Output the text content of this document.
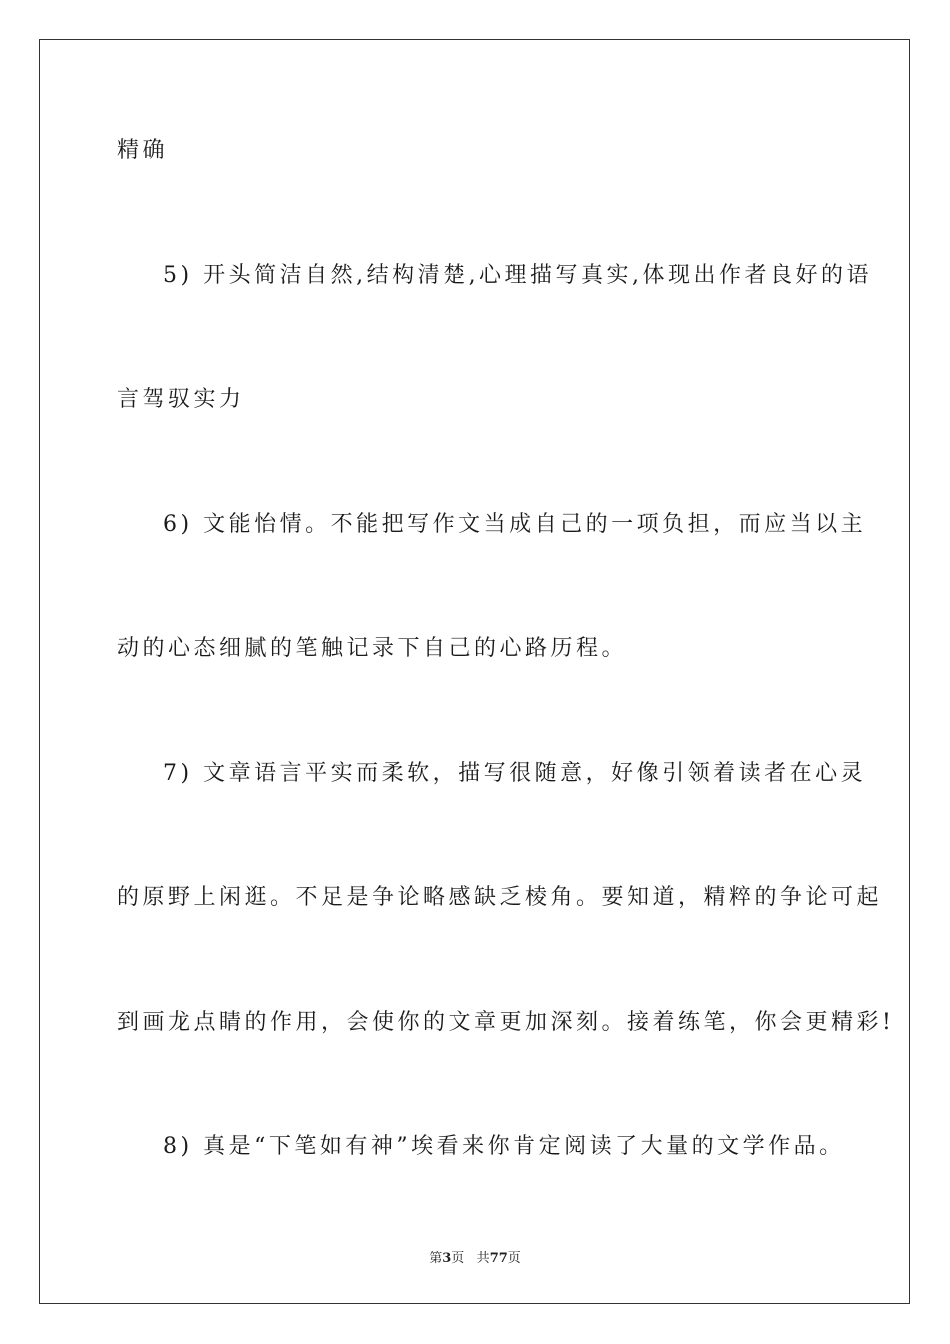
精确
5) 开头简洁自然,结构清楚,心理描写真实,体现出作者良好的语
言驾驭实力
6) 文能怡情。不能把写作文当成自己的一项负担，而应当以主
动的心态细腻的笔触记录下自己的心路历程。
7) 文章语言平实而柔软，描写很随意，好像引领着读者在心灵
的原野上闲逛。不足是争论略感缺乏棱角。要知道，精粹的争论可起
到画龙点睛的作用，会使你的文章更加深刻。接着练笔，你会更精彩!
8) 真是“下笔如有神”埃看来你肯定阅读了大量的文学作品。
第3页 共77页
